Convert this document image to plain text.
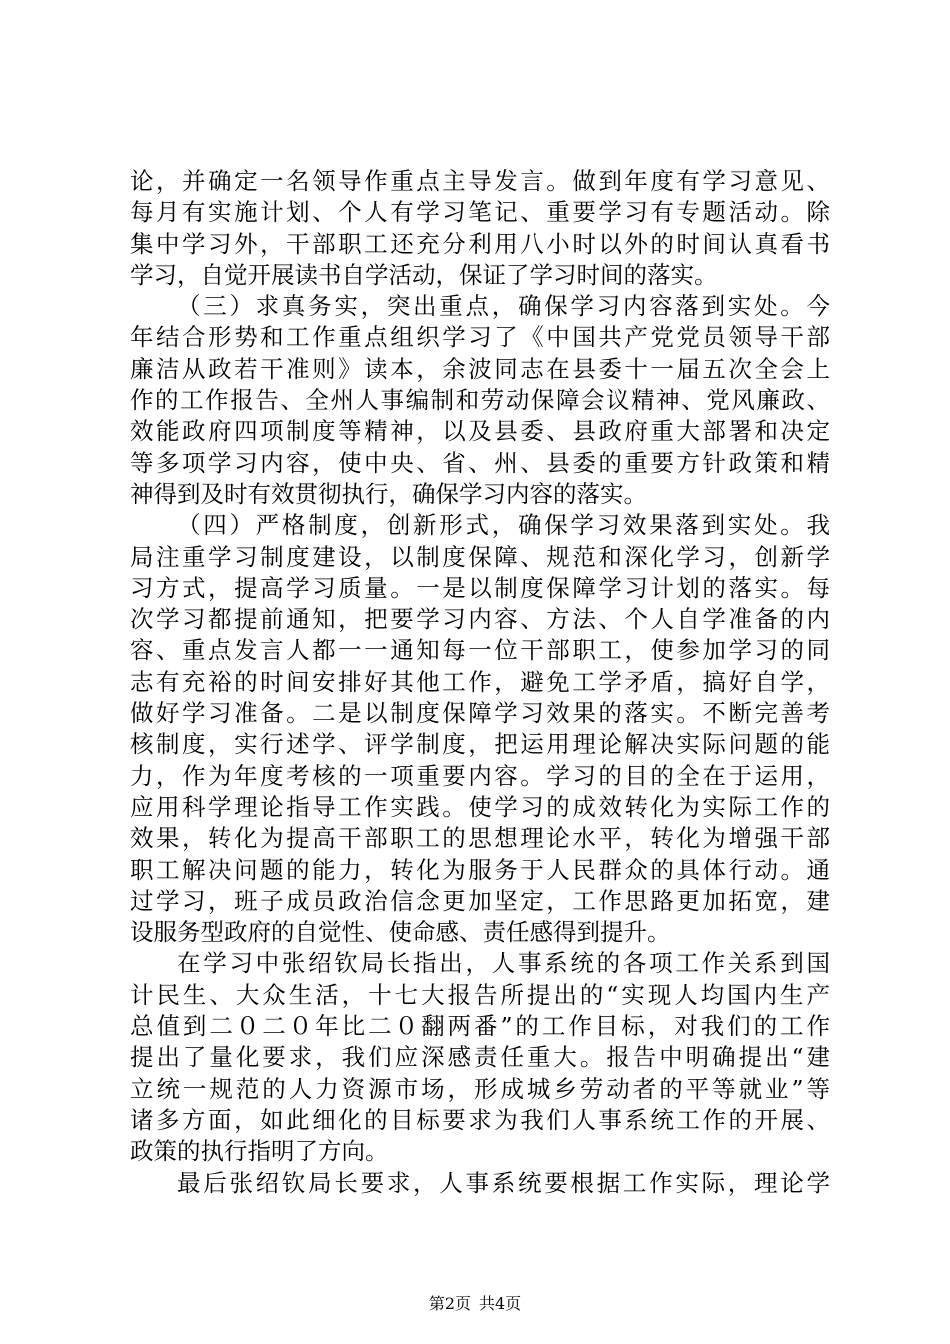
论，并确定一名领导作重点主导发言。做到年度有学习意见、
每月有实施计划、个人有学习笔记、重要学习有专题活动。除
集中学习外，干部职工还充分利用八小时以外的时间认真看书
学习，自觉开展读书自学活动，保证了学习时间的落实。
（三）求真务实，突出重点，确保学习内容落到实处。今
年结合形势和工作重点组织学习了《中国共产党党员领导干部
廉洁从政若干准则》读本，余波同志在县委十一届五次全会上
作的工作报告、全州人事编制和劳动保障会议精神、党风廉政、
效能政府四项制度等精神，以及县委、县政府重大部署和决定
等多项学习内容，使中央、省、州、县委的重要方针政策和精
神得到及时有效贯彻执行，确保学习内容的落实。
（四）严格制度，创新形式，确保学习效果落到实处。我
局注重学习制度建设，以制度保障、规范和深化学习，创新学
习方式，提高学习质量。一是以制度保障学习计划的落实。每
次学习都提前通知，把要学习内容、方法、个人自学准备的内
容、重点发言人都一一通知每一位干部职工，使参加学习的同
志有充裕的时间安排好其他工作，避免工学矛盾，搞好自学，
做好学习准备。二是以制度保障学习效果的落实。不断完善考
核制度，实行述学、评学制度，把运用理论解决实际问题的能
力，作为年度考核的一项重要内容。学习的目的全在于运用，
应用科学理论指导工作实践。使学习的成效转化为实际工作的
效果，转化为提高干部职工的思想理论水平，转化为增强干部
职工解决问题的能力，转化为服务于人民群众的具体行动。通
过学习，班子成员政治信念更加坚定，工作思路更加拓宽，建
设服务型政府的自觉性、使命感、责任感得到提升。
在学习中张绍钦局长指出，人事系统的各项工作关系到国
计民生、大众生活，十七大报告所提出的“实现人均国内生产
总值到二０二０年比二０翻两番”的工作目标，对我们的工作
提出了量化要求，我们应深感责任重大。报告中明确提出“建
立统一规范的人力资源市场，形成城乡劳动者的平等就业”等
诸多方面，如此细化的目标要求为我们人事系统工作的开展、
政策的执行指明了方向。
最后张绍钦局长要求，人事系统要根据工作实际，理论学
第2页 共4页
